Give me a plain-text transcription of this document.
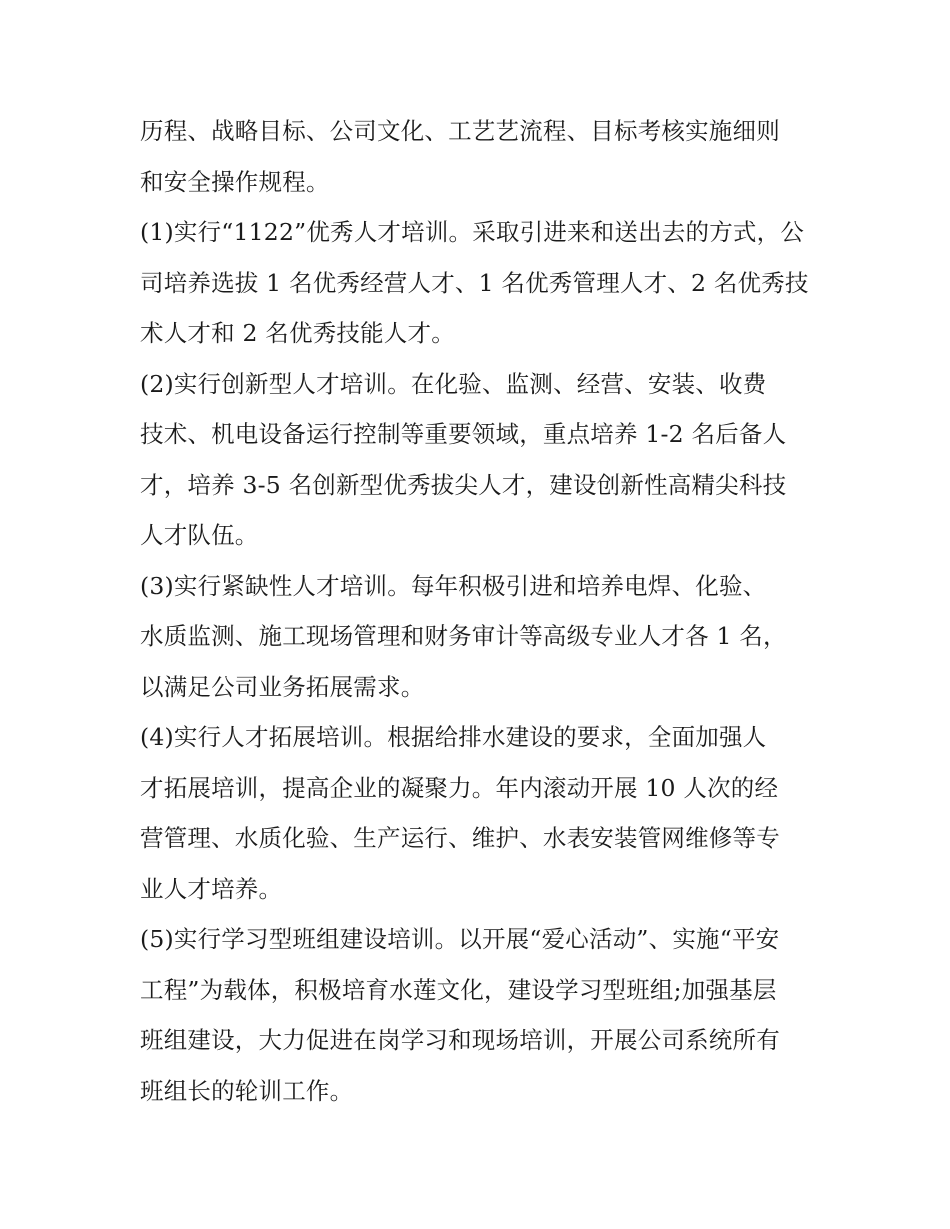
历程、战略目标、公司文化、工艺艺流程、目标考核实施细则
和安全操作规程。
(1)实行“1122”优秀人才培训。采取引进来和送出去的方式，公
司培养选拔 1 名优秀经营人才、1 名优秀管理人才、2 名优秀技
术人才和 2 名优秀技能人才。
(2)实行创新型人才培训。在化验、监测、经营、安装、收费
技术、机电设备运行控制等重要领域，重点培养 1-2 名后备人
才，培养 3-5 名创新型优秀拔尖人才，建设创新性高精尖科技
人才队伍。
(3)实行紧缺性人才培训。每年积极引进和培养电焊、化验、
水质监测、施工现场管理和财务审计等高级专业人才各 1 名，
以满足公司业务拓展需求。
(4)实行人才拓展培训。根据给排水建设的要求，全面加强人
才拓展培训，提高企业的凝聚力。年内滚动开展 10 人次的经
营管理、水质化验、生产运行、维护、水表安装管网维修等专
业人才培养。
(5)实行学习型班组建设培训。以开展“爱心活动”、实施“平安
工程”为载体，积极培育水莲文化，建设学习型班组;加强基层
班组建设，大力促进在岗学习和现场培训，开展公司系统所有
班组长的轮训工作。
